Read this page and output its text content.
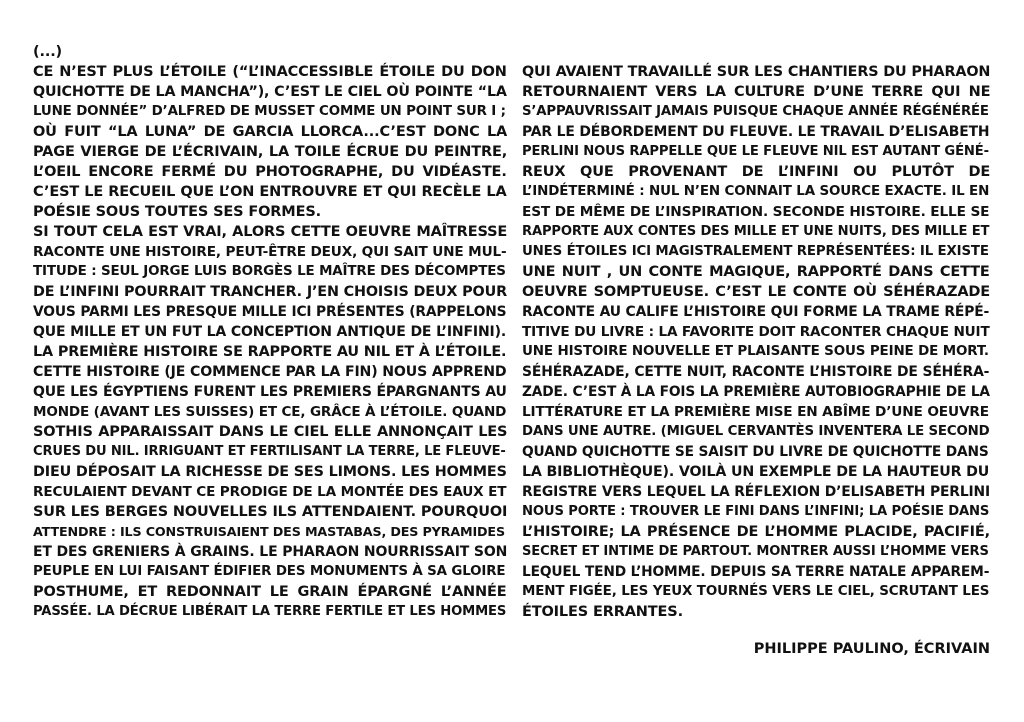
(...)
CE N’EST PLUS L’ÉTOILE (“L’INACCESSIBLE ÉTOILE DU DON
QUICHOTTE DE LA MANCHA”), C’EST LE CIEL OÙ POINTE “LA
LUNE DONNÉE” D’ALFRED DE MUSSET COMME UN POINT SUR I ;
OÙ FUIT “LA LUNA” DE GARCIA LLORCA...C’EST DONC LA
PAGE VIERGE DE L’ÉCRIVAIN, LA TOILE ÉCRUE DU PEINTRE,
L’OEIL ENCORE FERMÉ DU PHOTOGRAPHE, DU VIDÉASTE.
C’EST LE RECUEIL QUE L’ON ENTROUVRE ET QUI RECÈLE LA
POÉSIE SOUS TOUTES SES FORMES.
SI TOUT CELA EST VRAI, ALORS CETTE OEUVRE MAÎTRESSE
RACONTE UNE HISTOIRE, PEUT-ÊTRE DEUX, QUI SAIT UNE MUL-
TITUDE : SEUL JORGE LUIS BORGÈS LE MAÎTRE DES DÉCOMPTES
DE L’INFINI POURRAIT TRANCHER. J’EN CHOISIS DEUX POUR
VOUS PARMI LES PRESQUE MILLE ICI PRÉSENTES (RAPPELONS
QUE MILLE ET UN FUT LA CONCEPTION ANTIQUE DE L’INFINI).
LA PREMIÈRE HISTOIRE SE RAPPORTE AU NIL ET À L’ÉTOILE.
CETTE HISTOIRE (JE COMMENCE PAR LA FIN) NOUS APPREND
QUE LES ÉGYPTIENS FURENT LES PREMIERS ÉPARGNANTS AU
MONDE (AVANT LES SUISSES) ET CE, GRÂCE À L’ÉTOILE. QUAND
SOTHIS APPARAISSAIT DANS LE CIEL ELLE ANNONÇAIT LES
CRUES DU NIL. IRRIGUANT ET FERTILISANT LA TERRE, LE FLEUVE-
DIEU DÉPOSAIT LA RICHESSE DE SES LIMONS. LES HOMMES
RECULAIENT DEVANT CE PRODIGE DE LA MONTÉE DES EAUX ET
SUR LES BERGES NOUVELLES ILS ATTENDAIENT. POURQUOI
ATTENDRE : ILS CONSTRUISAIENT DES MASTABAS, DES PYRAMIDES
ET DES GRENIERS À GRAINS. LE PHARAON NOURRISSAIT SON
PEUPLE EN LUI FAISANT ÉDIFIER DES MONUMENTS À SA GLOIRE
POSTHUME, ET REDONNAIT LE GRAIN ÉPARGNÉ L’ANNÉE
PASSÉE. LA DÉCRUE LIBÉRAIT LA TERRE FERTILE ET LES HOMMES
QUI AVAIENT TRAVAILLÉ SUR LES CHANTIERS DU PHARAON
RETOURNAIENT VERS LA CULTURE D’UNE TERRE QUI NE
S’APPAUVRISSAIT JAMAIS PUISQUE CHAQUE ANNÉE RÉGÉNÉRÉE
PAR LE DÉBORDEMENT DU FLEUVE. LE TRAVAIL D’ELISABETH
PERLINI NOUS RAPPELLE QUE LE FLEUVE NIL EST AUTANT GÉNÉ-
REUX QUE PROVENANT DE L’INFINI OU PLUTÔT DE
L’INDÉTERMINÉ : NUL N’EN CONNAIT LA SOURCE EXACTE. IL EN
EST DE MÊME DE L’INSPIRATION. SECONDE HISTOIRE. ELLE SE
RAPPORTE AUX CONTES DES MILLE ET UNE NUITS, DES MILLE ET
UNES ÉTOILES ICI MAGISTRALEMENT REPRÉSENTÉES: IL EXISTE
UNE NUIT , UN CONTE MAGIQUE, RAPPORTÉ DANS CETTE
OEUVRE SOMPTUEUSE. C’EST LE CONTE OÙ SÉHÉRAZADE
RACONTE AU CALIFE L’HISTOIRE QUI FORME LA TRAME RÉPÉ-
TITIVE DU LIVRE : LA FAVORITE DOIT RACONTER CHAQUE NUIT
UNE HISTOIRE NOUVELLE ET PLAISANTE SOUS PEINE DE MORT.
SÉHÉRAZADE, CETTE NUIT, RACONTE L’HISTOIRE DE SÉHÉRA-
ZADE. C’EST À LA FOIS LA PREMIÈRE AUTOBIOGRAPHIE DE LA
LITTÉRATURE ET LA PREMIÈRE MISE EN ABÎME D’UNE OEUVRE
DANS UNE AUTRE. (MIGUEL CERVANTÈS INVENTERA LE SECOND
QUAND QUICHOTTE SE SAISIT DU LIVRE DE QUICHOTTE DANS
LA BIBLIOTHÈQUE). VOILÀ UN EXEMPLE DE LA HAUTEUR DU
REGISTRE VERS LEQUEL LA RÉFLEXION D’ELISABETH PERLINI
NOUS PORTE : TROUVER LE FINI DANS L’INFINI; LA POÉSIE DANS
L’HISTOIRE; LA PRÉSENCE DE L’HOMME PLACIDE, PACIFIÉ,
SECRET ET INTIME DE PARTOUT. MONTRER AUSSI L’HOMME VERS
LEQUEL TEND L’HOMME. DEPUIS SA TERRE NATALE APPAREM-
MENT FIGÉE, LES YEUX TOURNÉS VERS LE CIEL, SCRUTANT LES
ÉTOILES ERRANTES.
PHILIPPE PAULINO, ÉCRIVAIN
